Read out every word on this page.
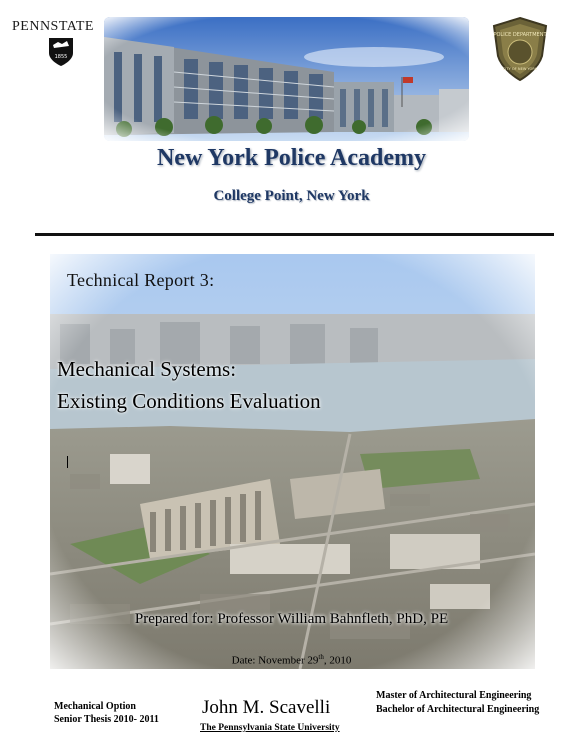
PENNSTATE
1855
POLICE DEPARTMENT
CITY OF NEW YORK
New York Police Academy
College Point, New York
Technical Report 3:
Mechanical Systems:
Existing Conditions Evaluation
Prepared for: Professor William Bahnfleth, PhD, PE
Date: November 29th, 2010
Mechanical Option
Senior Thesis 2010- 2011
John M. Scavelli
The Pennsylvania State University
Master of Architectural Engineering
Bachelor of Architectural Engineering
